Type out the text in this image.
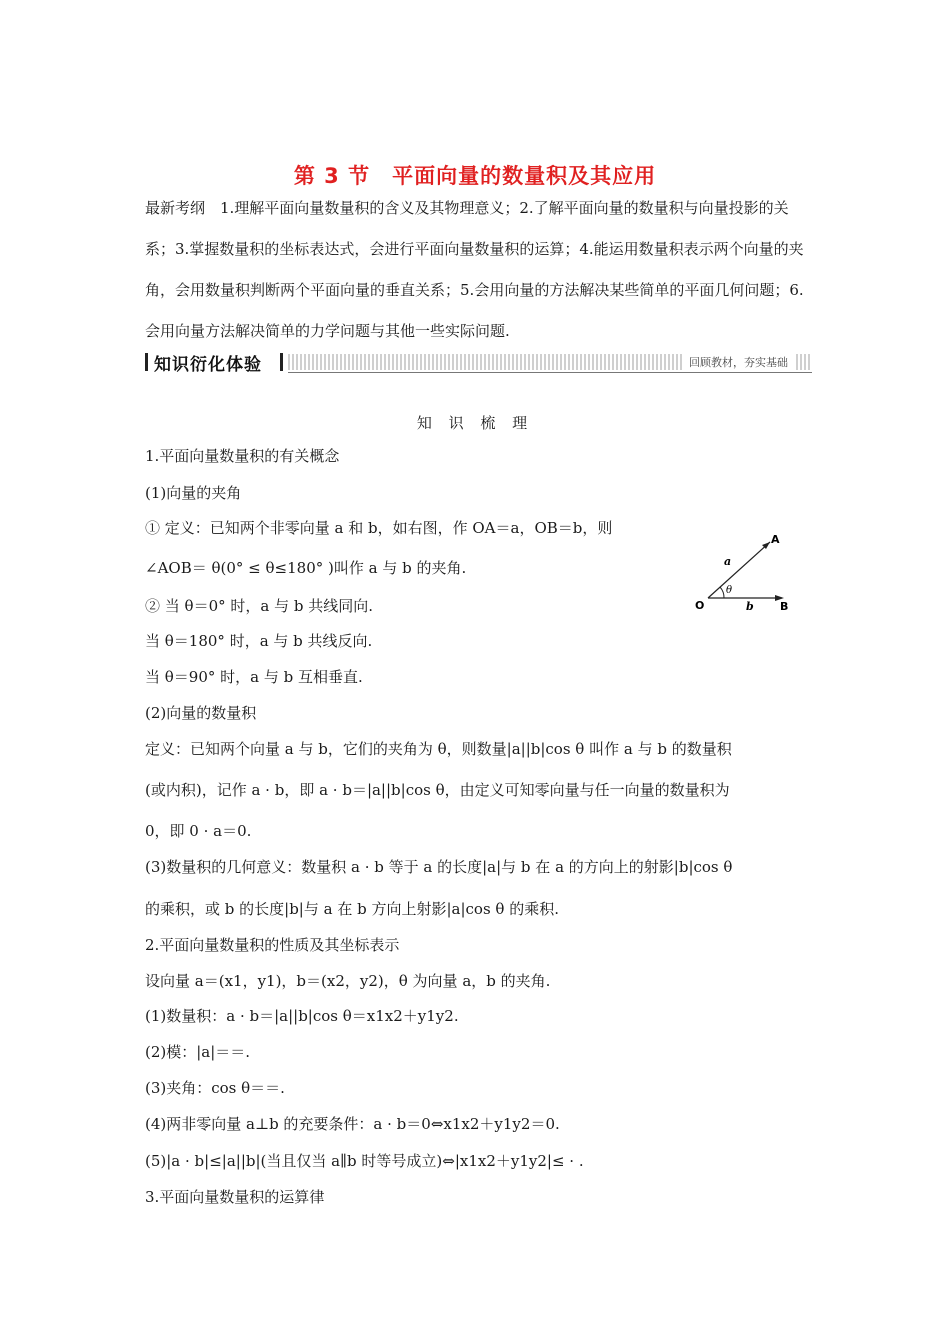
第 3 节 平面向量的数量积及其应用
最新考纲　1.理解平面向量数量积的含义及其物理意义；2.了解平面向量的数量积与向量投影的关系；3.掌握数量积的坐标表达式，会进行平面向量数量积的运算；4.能运用数量积表示两个向量的夹角，会用数量积判断两个平面向量的垂直关系；5.会用向量的方法解决某些简单的平面几何问题；6.会用向量方法解决简单的力学问题与其他一些实际问题.
知识衍化体验	回顾教材，夯实基础
知 识 梳 理
1.平面向量数量积的有关概念
(1)向量的夹角
① 定义：已知两个非零向量 a 和 b，如右图，作 OA＝a，OB＝b，则
∠AOB＝ θ(0° ≤ θ≤180° )叫作 a 与 b 的夹角.
② 当 θ＝0° 时，a 与 b 共线同向.
当 θ＝180° 时，a 与 b 共线反向.
当 θ＝90° 时，a 与 b 互相垂直.
(2)向量的数量积
定义：已知两个向量 a 与 b，它们的夹角为 θ，则数量|a||b|cos θ 叫作 a 与 b 的数量积
(或内积)，记作 a · b，即 a · b＝|a||b|cos θ，由定义可知零向量与任一向量的数量积为
0，即 0 · a＝0.
(3)数量积的几何意义：数量积 a · b 等于 a 的长度|a|与 b 在 a 的方向上的射影|b|cos θ
的乘积，或 b 的长度|b|与 a 在 b 方向上射影|a|cos θ 的乘积.
2.平面向量数量积的性质及其坐标表示
设向量 a＝(x1，y1)，b＝(x2，y2)，θ 为向量 a，b 的夹角.
(1)数量积：a · b＝|a||b|cos θ＝x1x2＋y1y2.
(2)模：|a|＝＝.
(3)夹角：cos θ＝＝.
(4)两非零向量 a⊥b 的充要条件：a · b＝0⇔x1x2＋y1y2＝0.
(5)|a · b|≤|a||b|(当且仅当 a∥b 时等号成立)⇔|x1x2＋y1y2|≤ · .
3.平面向量数量积的运算律
A
O	B
a
b
θ
